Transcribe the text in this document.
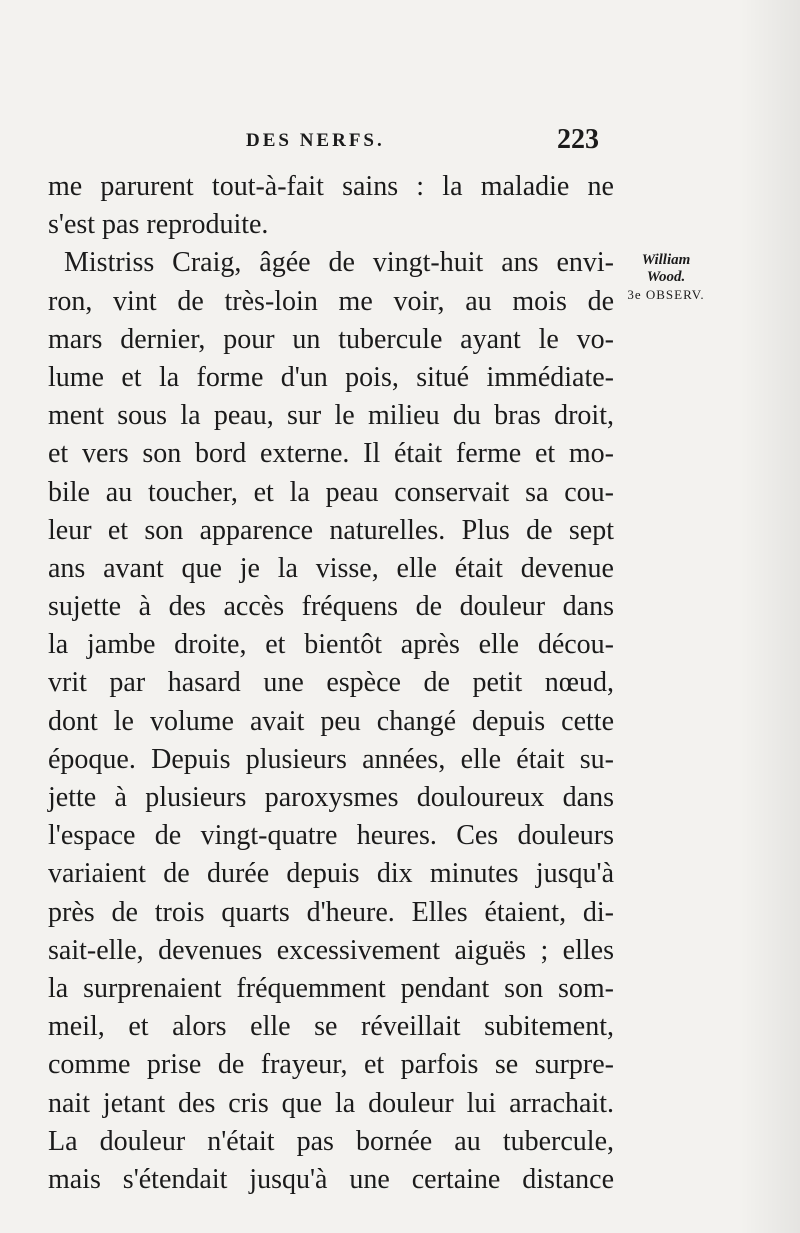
DES NERFS.	223
William
Wood.
3e OBSERV.
me parurent tout-à-fait sains : la maladie ne
s'est pas reproduite.
Mistriss Craig, âgée de vingt-huit ans envi-
ron, vint de très-loin me voir, au mois de
mars dernier, pour un tubercule ayant le vo-
lume et la forme d'un pois, situé immédiate-
ment sous la peau, sur le milieu du bras droit,
et vers son bord externe. Il était ferme et mo-
bile au toucher, et la peau conservait sa cou-
leur et son apparence naturelles. Plus de sept
ans avant que je la visse, elle était devenue
sujette à des accès fréquens de douleur dans
la jambe droite, et bientôt après elle décou-
vrit par hasard une espèce de petit nœud,
dont le volume avait peu changé depuis cette
époque. Depuis plusieurs années, elle était su-
jette à plusieurs paroxysmes douloureux dans
l'espace de vingt-quatre heures. Ces douleurs
variaient de durée depuis dix minutes jusqu'à
près de trois quarts d'heure. Elles étaient, di-
sait-elle, devenues excessivement aiguës ; elles
la surprenaient fréquemment pendant son som-
meil, et alors elle se réveillait subitement,
comme prise de frayeur, et parfois se surpre-
nait jetant des cris que la douleur lui arrachait.
La douleur n'était pas bornée au tubercule,
mais s'étendait jusqu'à une certaine distance
